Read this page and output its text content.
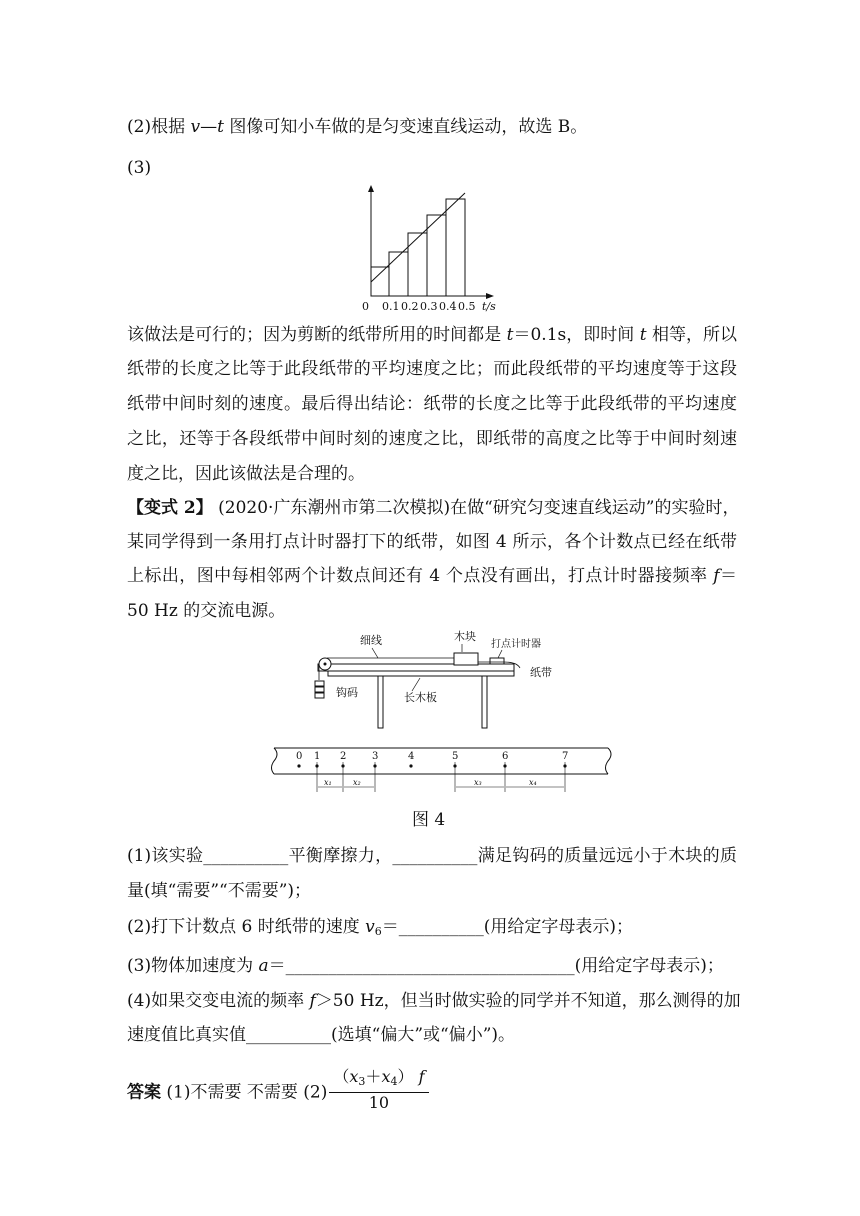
(2)根据 v—t 图像可知小车做的是匀变速直线运动，故选 B。
(3)
0 0.1 0.2 0.3 0.4 0.5 t/s
该做法是可行的；因为剪断的纸带所用的时间都是 t＝0.1s，即时间 t 相等，所以
纸带的长度之比等于此段纸带的平均速度之比；而此段纸带的平均速度等于这段
纸带中间时刻的速度。最后得出结论：纸带的长度之比等于此段纸带的平均速度
之比，还等于各段纸带中间时刻的速度之比，即纸带的高度之比等于中间时刻速
度之比，因此该做法是合理的。
【变式 2】 (2020·广东潮州市第二次模拟)在做“研究匀变速直线运动”的实验时，
某同学得到一条用打点计时器打下的纸带，如图 4 所示，各个计数点已经在纸带
上标出，图中每相邻两个计数点间还有 4 个点没有画出，打点计时器接频率 f＝
50 Hz 的交流电源。
细线	木块
打点计时器
纸带
钩码	长木板
0 1 2	3	4	5	6	7
x₁	x₂	x₃	x₄
图 4
(1)该实验__________平衡摩擦力，__________满足钩码的质量远远小于木块的质
量(填“需要”“不需要”)；
(2)打下计数点 6 时纸带的速度 $v_6=\_\_\_\_\_\_\_\_\_\_$(用给定字母表示)；
(3)物体加速度为 a＝__________________________________(用给定字母表示)；
(4)如果交变电流的频率 f＞50 Hz，但当时做实验的同学并不知道，那么测得的加
速度值比真实值__________(选填“偏大”或“偏小”)。
答案 (1)不需要 不需要 $(2) \frac{(x_3+x_4) f}{10}$
